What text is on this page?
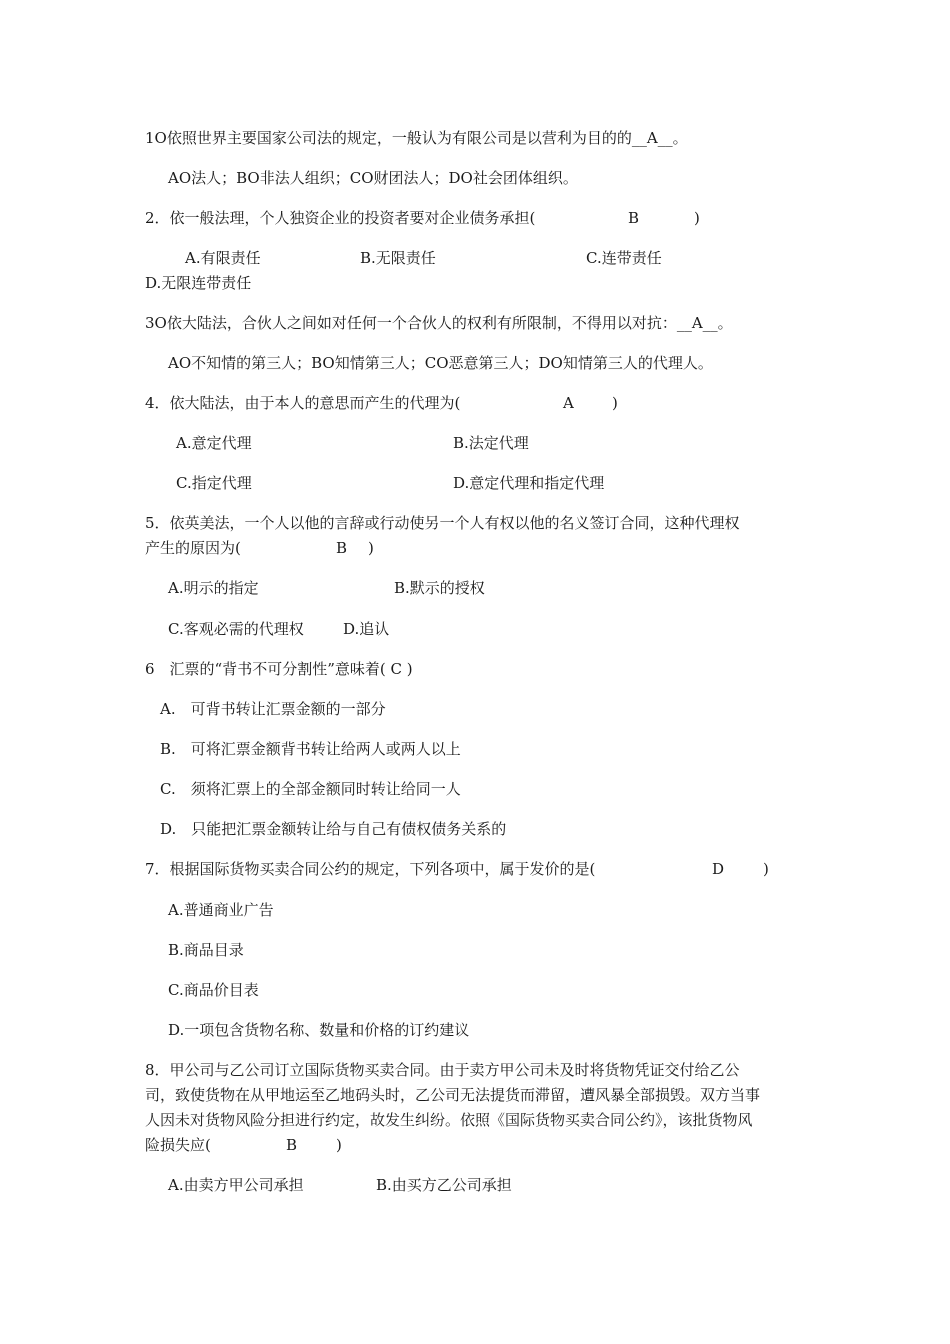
1O依照世界主要国家公司法的规定，一般认为有限公司是以营利为目的的__A__。
AO法人；BO非法人组织；CO财团法人；DO社会团体组织。
2．依一般法理，个人独资企业的投资者要对企业债务承担(	B	)
A.有限责任	B.无限责任	C.连带责任
D.无限连带责任
3O依大陆法，合伙人之间如对任何一个合伙人的权利有所限制，不得用以对抗：__A__。
AO不知情的第三人；BO知情第三人；CO恶意第三人；DO知情第三人的代理人。
4．依大陆法，由于本人的意思而产生的代理为(	A	)
A.意定代理	B.法定代理
C.指定代理	D.意定代理和指定代理
5．依英美法，一个人以他的言辞或行动使另一个人有权以他的名义签订合同，这种代理权
产生的原因为(	B )
A.明示的指定	B.默示的授权
C.客观必需的代理权	D.追认
6　汇票的“背书不可分割性”意味着( C )
A.　可背书转让汇票金额的一部分
B.　可将汇票金额背书转让给两人或两人以上
C.　须将汇票上的全部金额同时转让给同一人
D.　只能把汇票金额转让给与自己有债权债务关系的
7．根据国际货物买卖合同公约的规定，下列各项中，属于发价的是(	D	)
A.普通商业广告
B.商品目录
C.商品价目表
D.一项包含货物名称、数量和价格的订约建议
8．甲公司与乙公司订立国际货物买卖合同。由于卖方甲公司未及时将货物凭证交付给乙公
司，致使货物在从甲地运至乙地码头时，乙公司无法提货而滞留，遭风暴全部损毁。双方当事
人因未对货物风险分担进行约定，故发生纠纷。依照《国际货物买卖合同公约》，该批货物风
险损失应(	B	)
A.由卖方甲公司承担	B.由买方乙公司承担
